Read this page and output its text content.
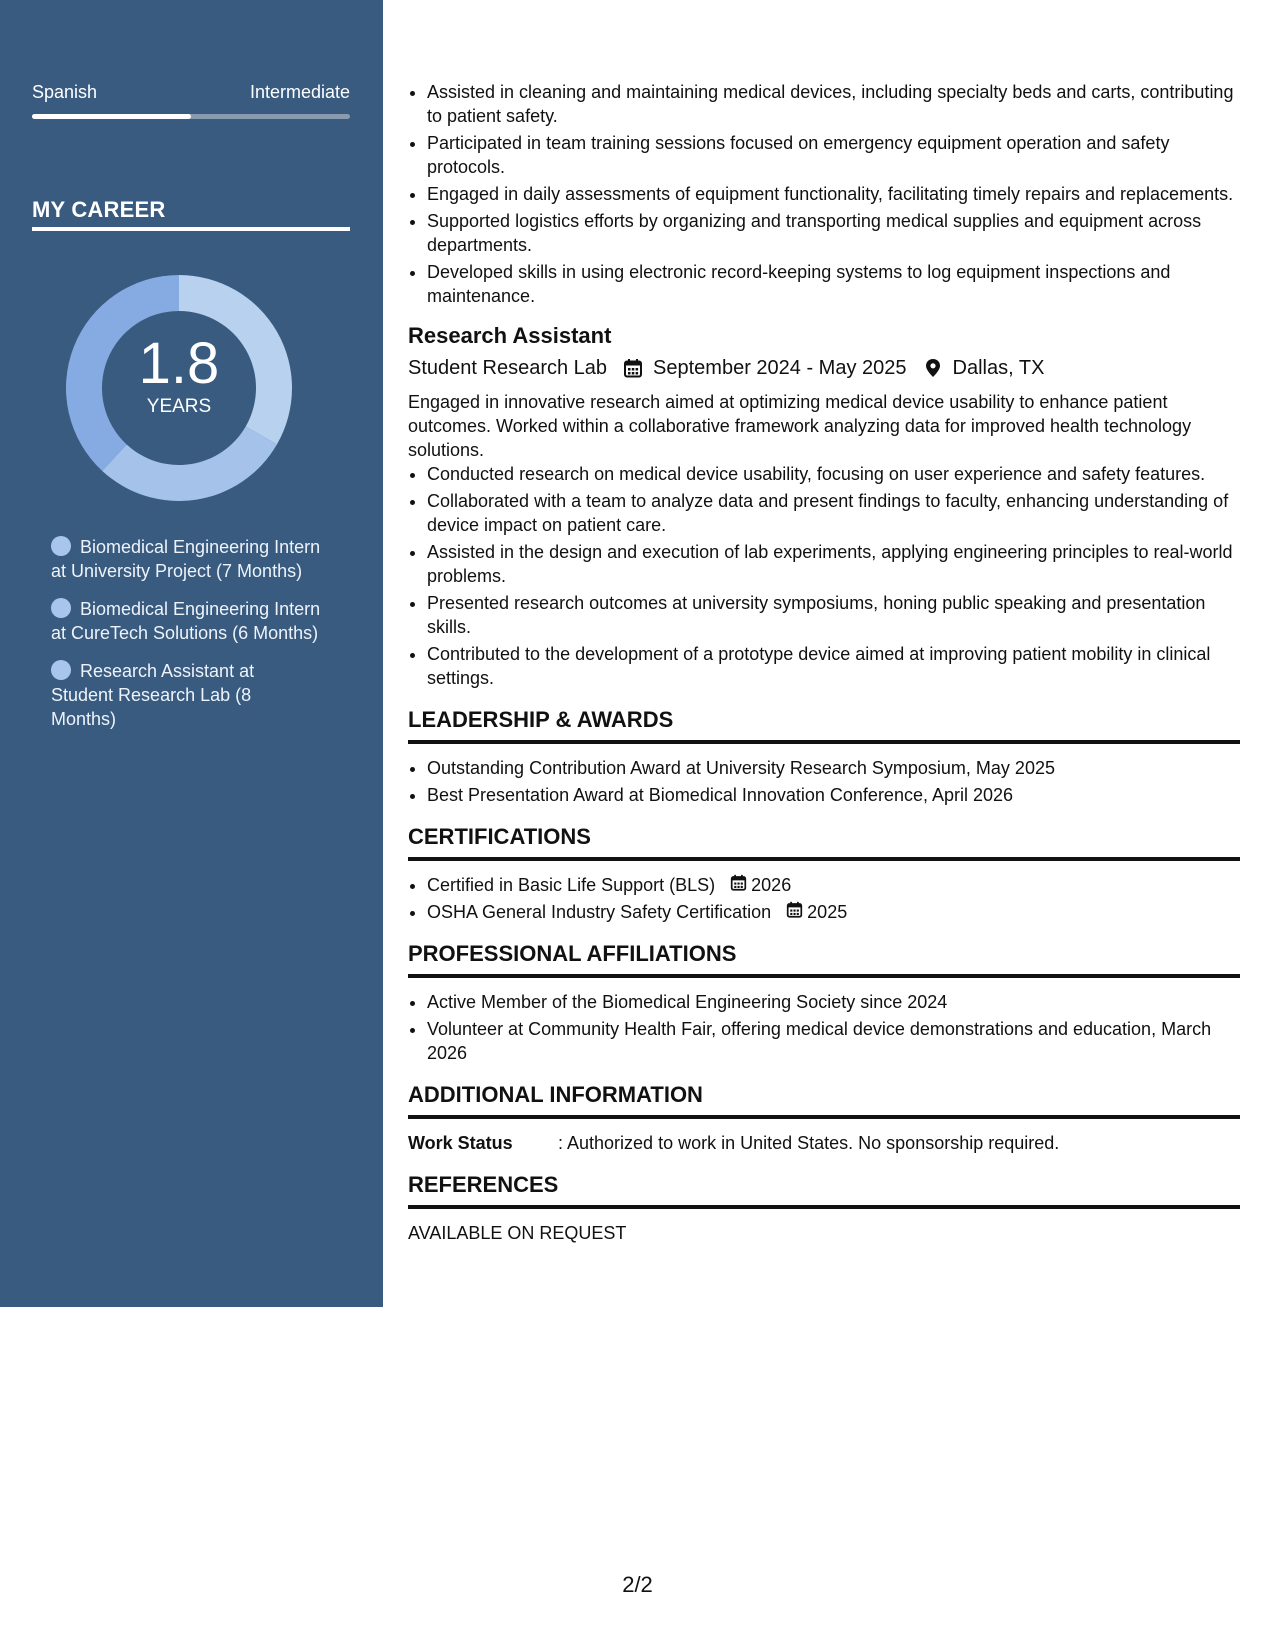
Spanish	Intermediate
MY CAREER
1.8
YEARS
Biomedical Engineering Intern at University Project (7 Months)
Biomedical Engineering Intern at CureTech Solutions (6 Months)
Research Assistant at Student Research Lab (8 Months)
• Assisted in cleaning and maintaining medical devices, including specialty beds and carts, contributing to patient safety.
• Participated in team training sessions focused on emergency equipment operation and safety protocols.
• Engaged in daily assessments of equipment functionality, facilitating timely repairs and replacements.
• Supported logistics efforts by organizing and transporting medical supplies and equipment across departments.
• Developed skills in using electronic record-keeping systems to log equipment inspections and maintenance.
Research Assistant
Student Research Lab September 2024 - May 2025 Dallas, TX
Engaged in innovative research aimed at optimizing medical device usability to enhance patient outcomes. Worked within a collaborative framework analyzing data for improved health technology solutions.
• Conducted research on medical device usability, focusing on user experience and safety features.
• Collaborated with a team to analyze data and present findings to faculty, enhancing understanding of device impact on patient care.
• Assisted in the design and execution of lab experiments, applying engineering principles to real-world problems.
• Presented research outcomes at university symposiums, honing public speaking and presentation skills.
• Contributed to the development of a prototype device aimed at improving patient mobility in clinical settings.
LEADERSHIP & AWARDS
• Outstanding Contribution Award at University Research Symposium, May 2025
• Best Presentation Award at Biomedical Innovation Conference, April 2026
CERTIFICATIONS
• Certified in Basic Life Support (BLS) 2026
• OSHA General Industry Safety Certification 2025
PROFESSIONAL AFFILIATIONS
• Active Member of the Biomedical Engineering Society since 2024
• Volunteer at Community Health Fair, offering medical device demonstrations and education, March 2026
ADDITIONAL INFORMATION
Work Status	: Authorized to work in United States. No sponsorship required.
REFERENCES
AVAILABLE ON REQUEST
2/2
